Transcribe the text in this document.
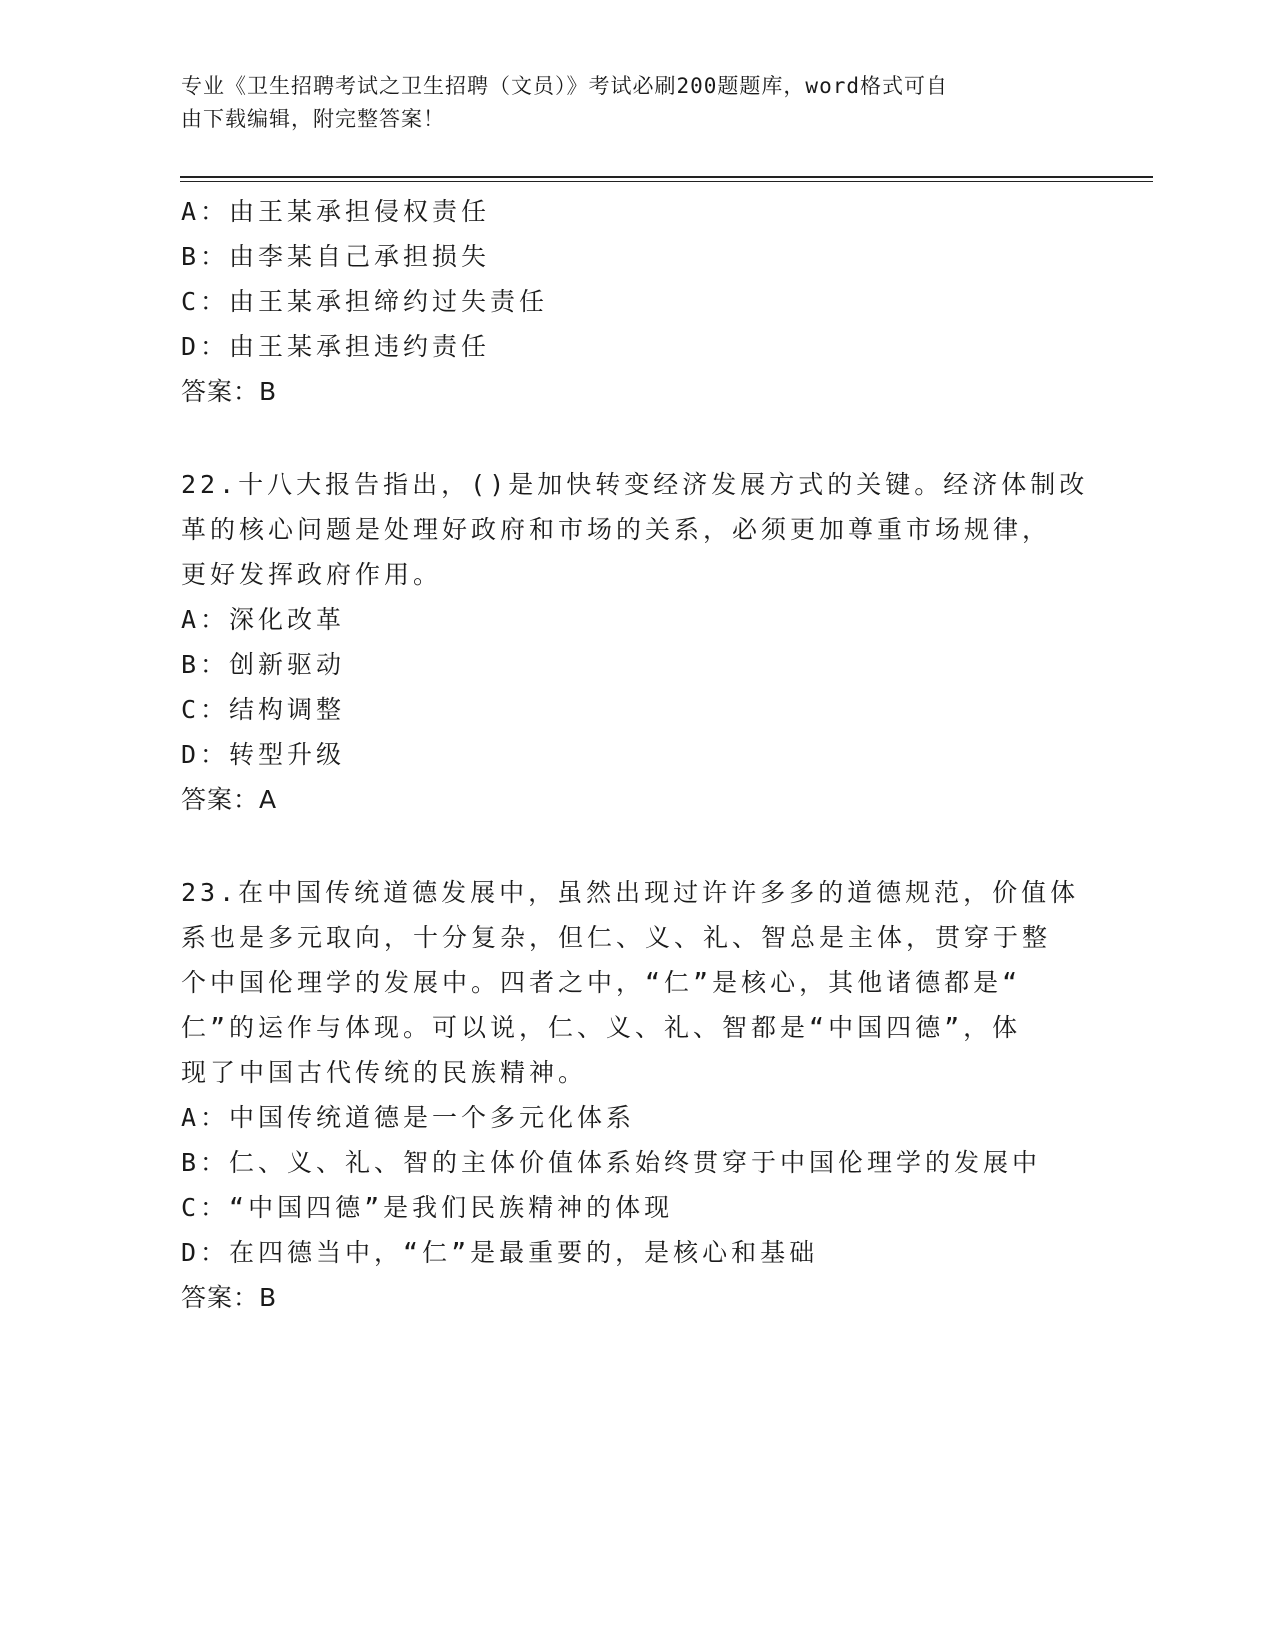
专业《卫生招聘考试之卫生招聘（文员）》考试必刷200题题库，word格式可自
由下载编辑，附完整答案！
A：由王某承担侵权责任
B：由李某自己承担损失
C：由王某承担缔约过失责任
D：由王某承担违约责任
答案：B
22.十八大报告指出，()是加快转变经济发展方式的关键。经济体制改
革的核心问题是处理好政府和市场的关系，必须更加尊重市场规律，
更好发挥政府作用。
A：深化改革
B：创新驱动
C：结构调整
D：转型升级
答案：A
23.在中国传统道德发展中，虽然出现过许许多多的道德规范，价值体
系也是多元取向，十分复杂，但仁、义、礼、智总是主体，贯穿于整
个中国伦理学的发展中。四者之中，“仁”是核心，其他诸德都是“
仁”的运作与体现。可以说，仁、义、礼、智都是“中国四德”，体
现了中国古代传统的民族精神。
A：中国传统道德是一个多元化体系
B：仁、义、礼、智的主体价值体系始终贯穿于中国伦理学的发展中
C：“中国四德”是我们民族精神的体现
D：在四德当中，“仁”是最重要的，是核心和基础
答案：B
